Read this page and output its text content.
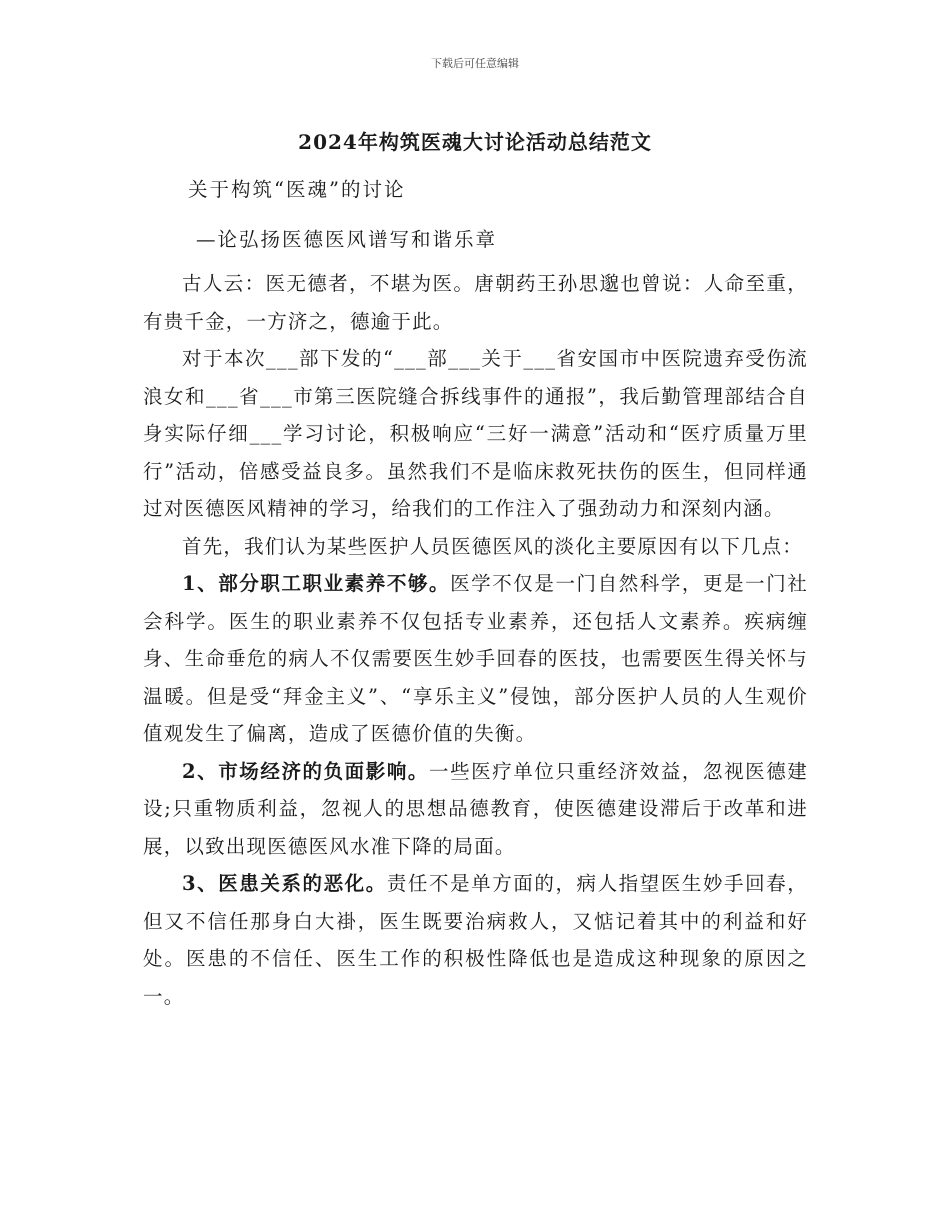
下载后可任意编辑
2024年构筑医魂大讨论活动总结范文
关于构筑“医魂”的讨论
—论弘扬医德医风谱写和谐乐章

古人云：医无德者，不堪为医。唐朝药王孙思邈也曾说：人命至重，有贵千金，一方济之，德逾于此。

对于本次___部下发的“___部___关于___省安国市中医院遗弃受伤流浪女和___省___市第三医院缝合拆线事件的通报”，我后勤管理部结合自身实际仔细___学习讨论，积极响应“三好一满意”活动和“医疗质量万里行”活动，倍感受益良多。虽然我们不是临床救死扶伤的医生，但同样通过对医德医风精神的学习，给我们的工作注入了强劲动力和深刻内涵。

首先，我们认为某些医护人员医德医风的淡化主要原因有以下几点：

1、部分职工职业素养不够。医学不仅是一门自然科学，更是一门社会科学。医生的职业素养不仅包括专业素养，还包括人文素养。疾病缠身、生命垂危的病人不仅需要医生妙手回春的医技，也需要医生得关怀与温暖。但是受“拜金主义”、“享乐主义”侵蚀，部分医护人员的人生观价值观发生了偏离，造成了医德价值的失衡。

2、市场经济的负面影响。一些医疗单位只重经济效益，忽视医德建设;只重物质利益，忽视人的思想品德教育，使医德建设滞后于改革和进展，以致出现医德医风水准下降的局面。

3、医患关系的恶化。责任不是单方面的，病人指望医生妙手回春，但又不信任那身白大褂，医生既要治病救人，又惦记着其中的利益和好处。医患的不信任、医生工作的积极性降低也是造成这种现象的原因之一。
